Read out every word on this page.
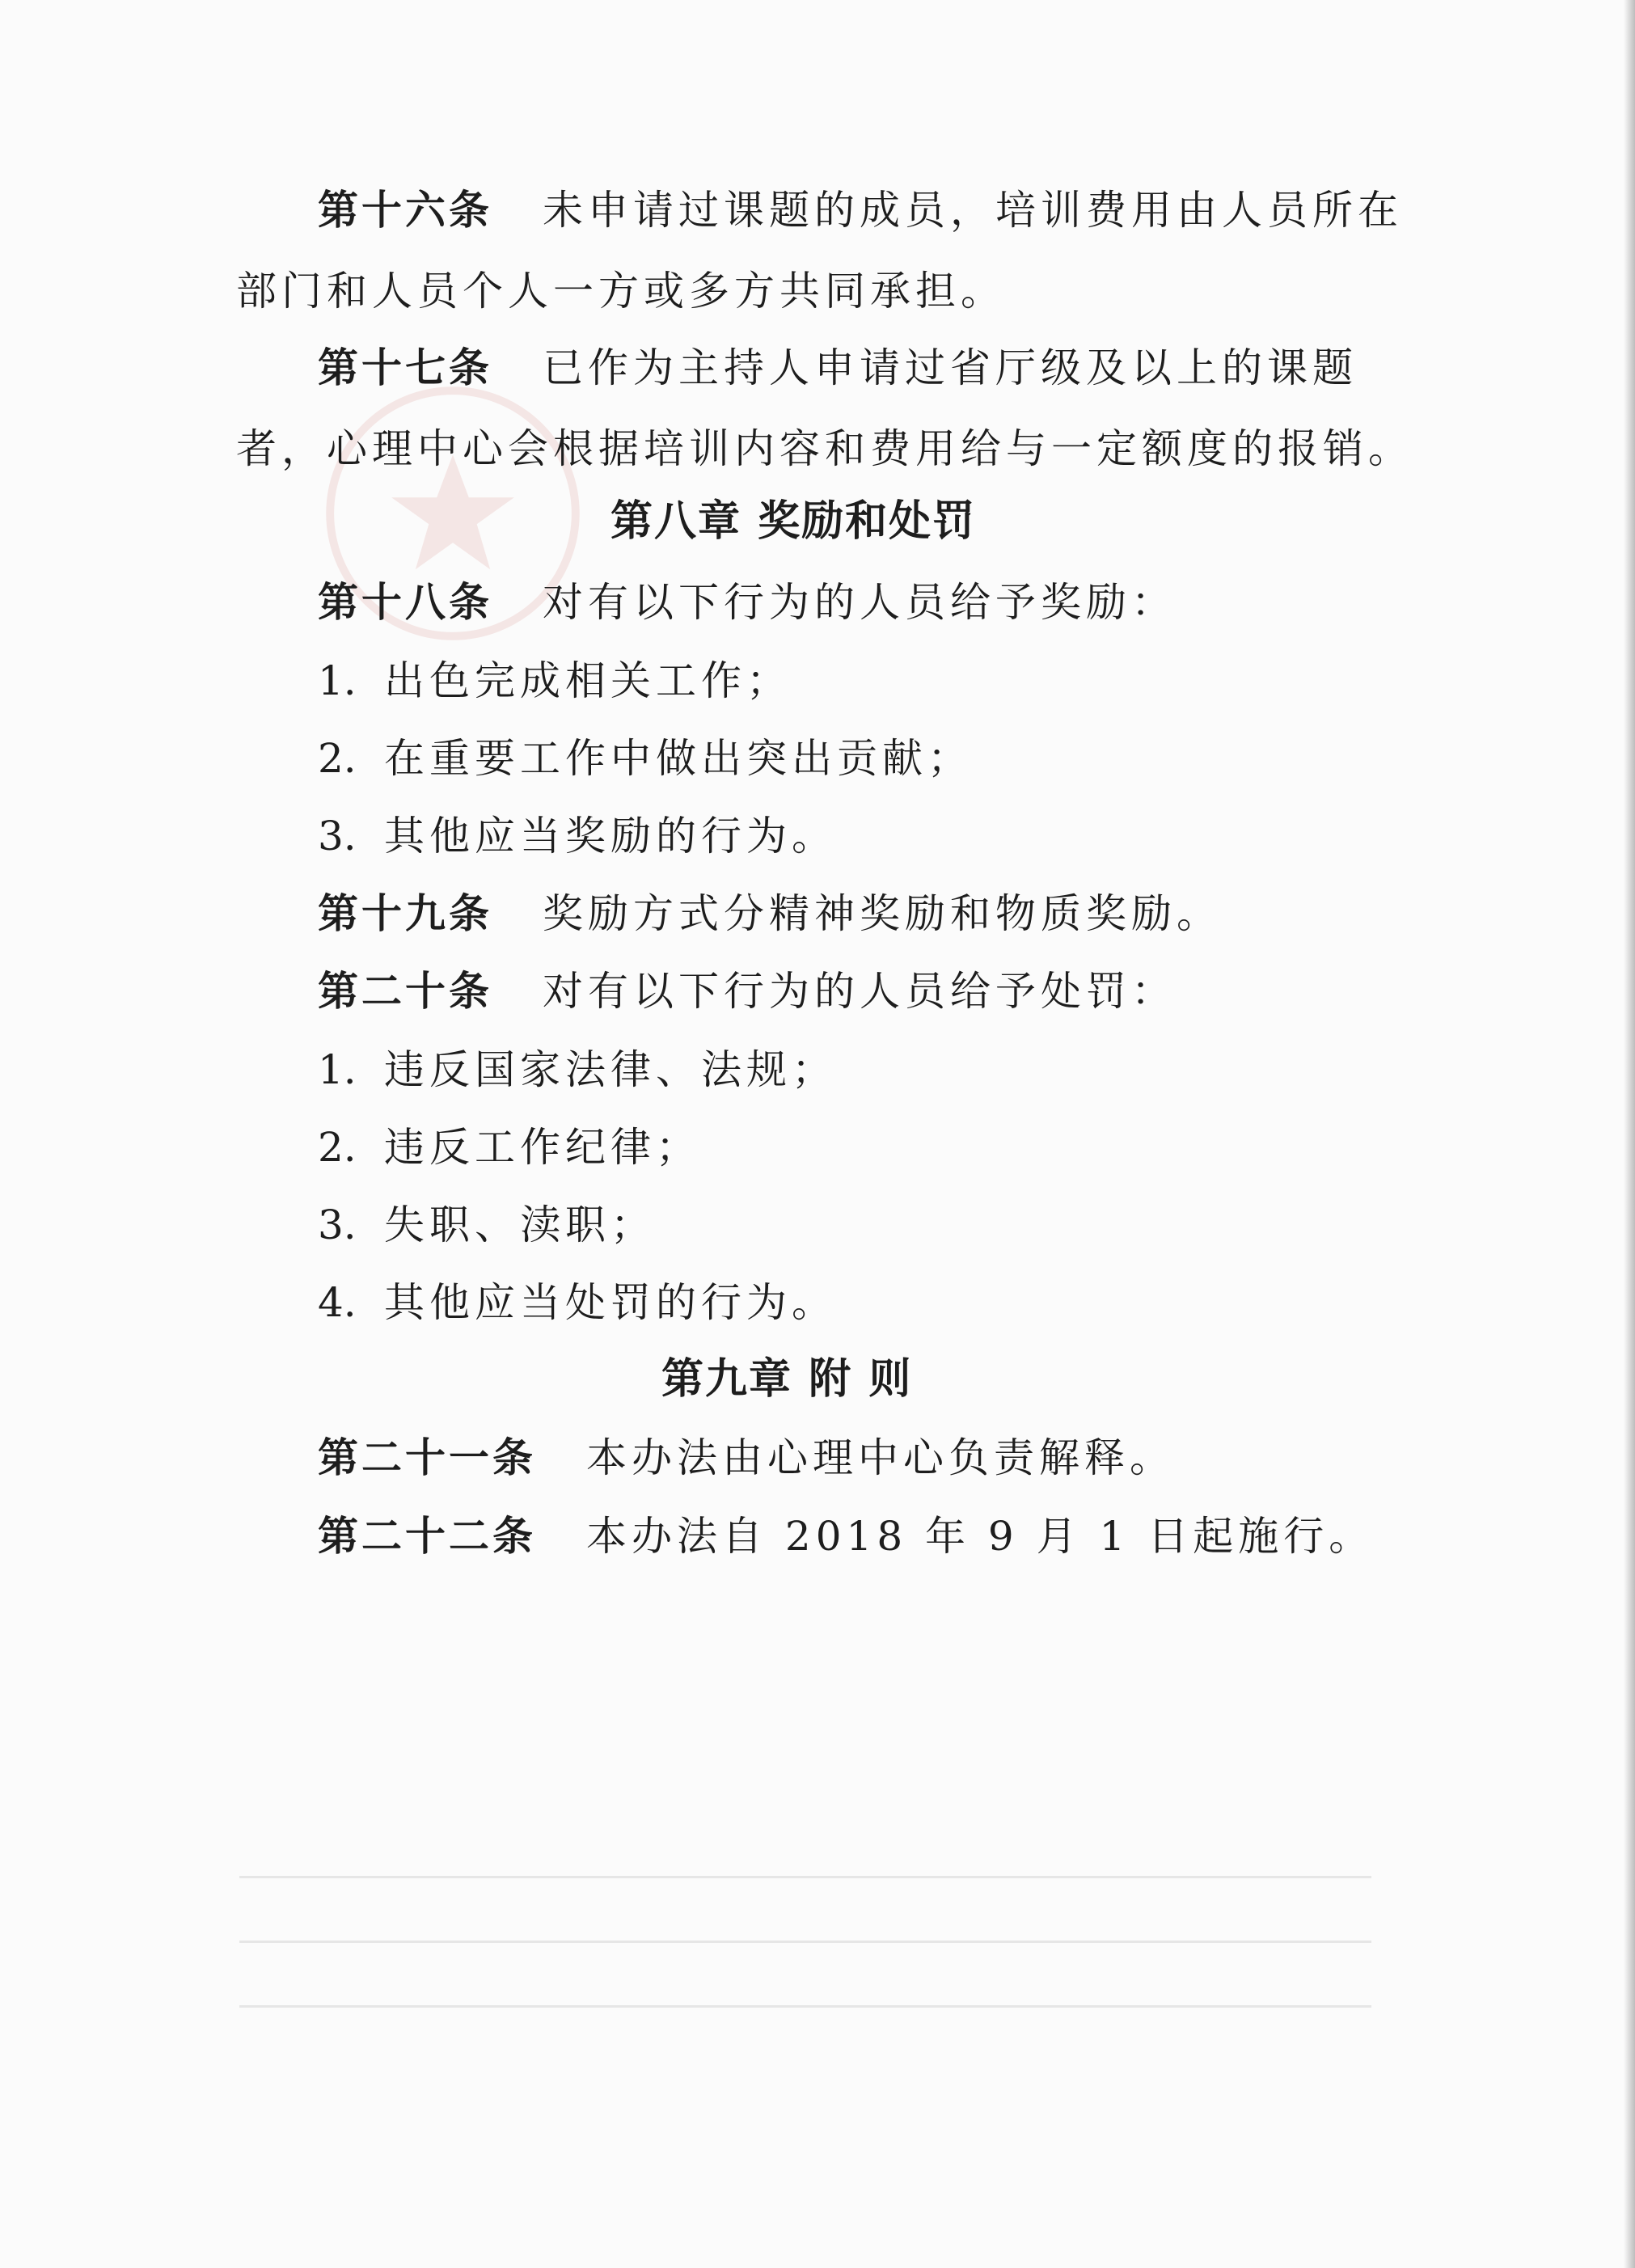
第十六条 未申请过课题的成员，培训费用由人员所在
部门和人员个人一方或多方共同承担。
第十七条 已作为主持人申请过省厅级及以上的课题
者，心理中心会根据培训内容和费用给与一定额度的报销。
第八章 奖励和处罚
第十八条 对有以下行为的人员给予奖励：
1. 出色完成相关工作；
2. 在重要工作中做出突出贡献；
3. 其他应当奖励的行为。
第十九条 奖励方式分精神奖励和物质奖励。
第二十条 对有以下行为的人员给予处罚：
1. 违反国家法律、法规；
2. 违反工作纪律；
3. 失职、渎职；
4. 其他应当处罚的行为。
第九章 附 则
第二十一条 本办法由心理中心负责解释。
第二十二条 本办法自 2018 年 9 月 1 日起施行。
